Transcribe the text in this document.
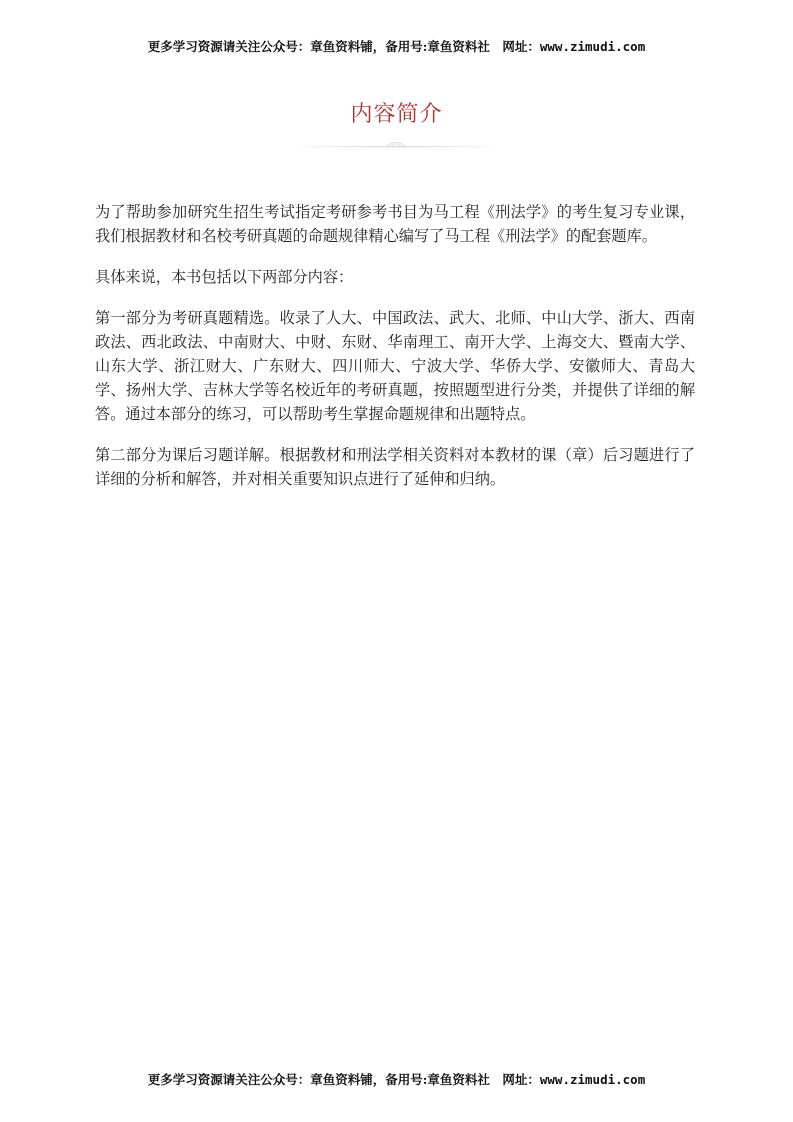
更多学习资源请关注公众号：章鱼资料铺，备用号:章鱼资料社　网址：www.zimudi.com
内容简介

为了帮助参加研究生招生考试指定考研参考书目为马工程《刑法学》的考生复习专业课，我们根据教材和名校考研真题的命题规律精心编写了马工程《刑法学》的配套题库。

具体来说，本书包括以下两部分内容：

第一部分为考研真题精选。收录了人大、中国政法、武大、北师、中山大学、浙大、西南政法、西北政法、中南财大、中财、东财、华南理工、南开大学、上海交大、暨南大学、山东大学、浙江财大、广东财大、四川师大、宁波大学、华侨大学、安徽师大、青岛大学、扬州大学、吉林大学等名校近年的考研真题，按照题型进行分类，并提供了详细的解答。通过本部分的练习，可以帮助考生掌握命题规律和出题特点。

第二部分为课后习题详解。根据教材和刑法学相关资料对本教材的课（章）后习题进行了详细的分析和解答，并对相关重要知识点进行了延伸和归纳。

更多学习资源请关注公众号：章鱼资料铺，备用号:章鱼资料社　网址：www.zimudi.com
